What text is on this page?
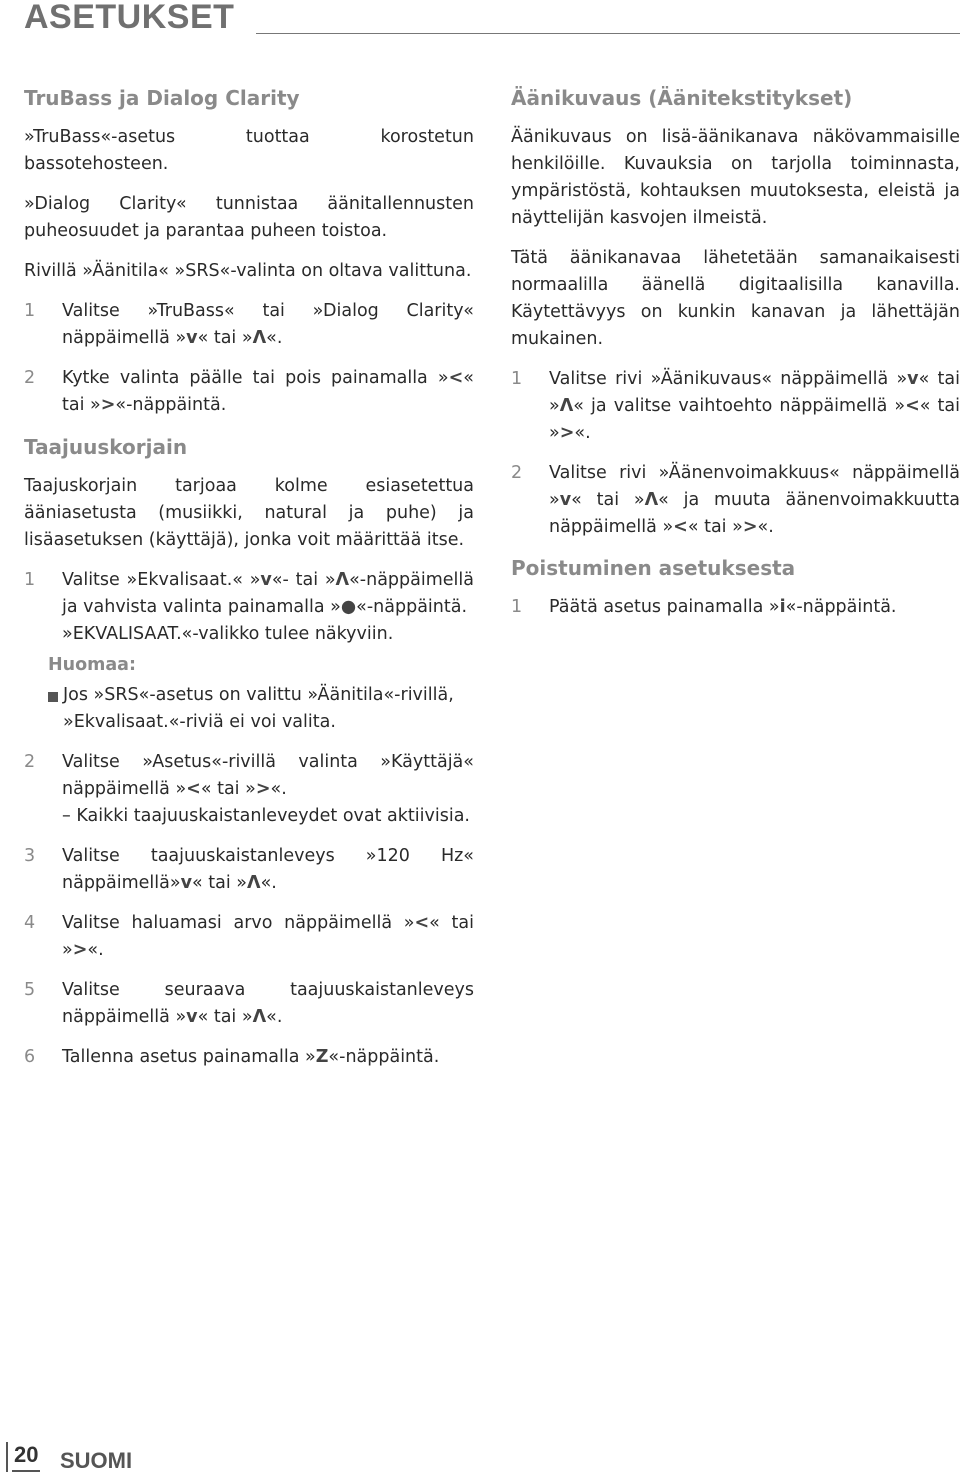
ASETUKSET
TruBass ja Dialog Clarity

»TruBass«-asetus tuottaa korostetun bassotehosteen.

»Dialog Clarity« tunnistaa äänitallennusten puheosuudet ja parantaa puheen toistoa.

Rivillä »Äänitila« »SRS«-valinta on oltava valittuna.

1	Valitse »TruBass« tai »Dialog Clarity« näppäimellä »v« tai »Λ«.
2	Kytke valinta päälle tai pois painamalla »<« tai »>«-näppäintä.
Taajuuskorjain

Taajuskorjain tarjoaa kolme esiasetettua ääniasetusta (musiikki, natural ja puhe) ja lisäasetuksen (käyttäjä), jonka voit määrittää itse.

1	Valitse »Ekvalisaat.« »v«- tai »Λ«-näppäimellä ja vahvista valinta painamalla »●«-näppäintä.
»EKVALISAAT.«-valikko tulee näkyviin.
Huomaa:
Jos »SRS«-asetus on valittu »Äänitila«-rivillä, »Ekvalisaat.«-riviä ei voi valita.
2	Valitse »Asetus«-rivillä valinta »Käyttäjä« näppäimellä »<« tai »>«.
– Kaikki taajuuskaistanleveydet ovat aktiivisia.
3	Valitse taajuuskaistanleveys »120 Hz« näppäimellä»v« tai »Λ«.
4	Valitse haluamasi arvo näppäimellä »<« tai »>«.
5	Valitse seuraava taajuuskaistanleveys näppäimellä »v« tai »Λ«.
6	Tallenna asetus painamalla »Z«-näppäintä.
Äänikuvaus (Äänitekstitykset)

Äänikuvaus on lisä-äänikanava näkövammaisille henkilöille. Kuvauksia on tarjolla toiminnasta, ympäristöstä, kohtauksen muutoksesta, eleistä ja näyttelijän kasvojen ilmeistä.

Tätä äänikanavaa lähetetään samanaikaisesti normaalilla äänellä digitaalisilla kanavilla. Käytettävyys on kunkin kanavan ja lähettäjän mukainen.

1	Valitse rivi »Äänikuvaus« näppäimellä »v« tai »Λ« ja valitse vaihtoehto näppäimellä »<« tai »>«.
2	Valitse rivi »Äänenvoimakkuus« näppäimellä »v« tai »Λ« ja muuta äänenvoimakkuutta näppäimellä »<« tai »>«.
Poistuminen asetuksesta
1	Päätä asetus painamalla »i«-näppäintä.
20 SUOMI
